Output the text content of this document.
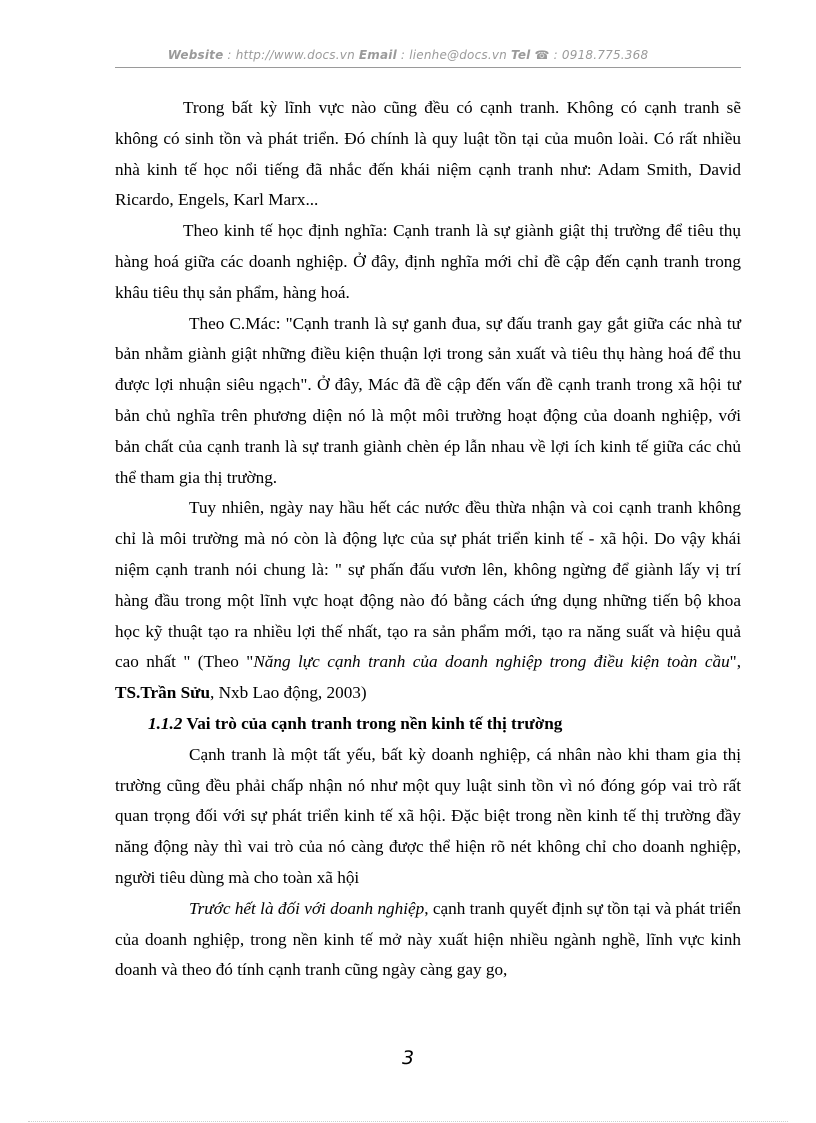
Website : http://www.docs.vn Email : lienhe@docs.vn Tel ☎ : 0918.775.368

Trong bất kỳ lĩnh vực nào cũng đều có cạnh tranh. Không có cạnh tranh sẽ không có sinh tồn và phát triển. Đó chính là quy luật tồn tại của muôn loài. Có rất nhiều nhà kinh tế học nổi tiếng đã nhắc đến khái niệm cạnh tranh như: Adam Smith, David Ricardo, Engels, Karl Marx...

Theo kinh tế học định nghĩa: Cạnh tranh là sự giành giật thị trường để tiêu thụ hàng hoá giữa các doanh nghiệp. Ở đây, định nghĩa mới chỉ đề cập đến cạnh tranh trong khâu tiêu thụ sản phẩm, hàng hoá.

Theo C.Mác: "Cạnh tranh là sự ganh đua, sự đấu tranh gay gắt giữa các nhà tư bản nhằm giành giật những điều kiện thuận lợi trong sản xuất và tiêu thụ hàng hoá để thu được lợi nhuận siêu ngạch". Ở đây, Mác đã đề cập đến vấn đề cạnh tranh trong xã hội tư bản chủ nghĩa trên phương diện nó là một môi trường hoạt động của doanh nghiệp, với bản chất của cạnh tranh là sự tranh giành chèn ép lẫn nhau về lợi ích kinh tế giữa các chủ thể tham gia thị trường.

Tuy nhiên, ngày nay hầu hết các nước đều thừa nhận và coi cạnh tranh không chỉ là môi trường mà nó còn là động lực của sự phát triển kinh tế - xã hội. Do vậy khái niệm cạnh tranh nói chung là: " sự phấn đấu vươn lên, không ngừng để giành lấy vị trí hàng đầu trong một lĩnh vực hoạt động nào đó bằng cách ứng dụng những tiến bộ khoa học kỹ thuật tạo ra nhiều lợi thế nhất, tạo ra sản phẩm mới, tạo ra năng suất và hiệu quả cao nhất " (Theo "Năng lực cạnh tranh của doanh nghiệp trong điều kiện toàn cầu", TS.Trần Sửu, Nxb Lao động, 2003)

1.1.2 Vai trò của cạnh tranh trong nền kinh tế thị trường

Cạnh tranh là một tất yếu, bất kỳ doanh nghiệp, cá nhân nào khi tham gia thị trường cũng đều phải chấp nhận nó như một quy luật sinh tồn vì nó đóng góp vai trò rất quan trọng đối với sự phát triển kinh tế xã hội. Đặc biệt trong nền kinh tế thị trường đầy năng động này thì vai trò của nó càng được thể hiện rõ nét không chỉ cho doanh nghiệp, người tiêu dùng mà cho toàn xã hội

Trước hết là đối với doanh nghiệp, cạnh tranh quyết định sự tồn tại và phát triển của doanh nghiệp, trong nền kinh tế mở này xuất hiện nhiều ngành nghề, lĩnh vực kinh doanh và theo đó tính cạnh tranh cũng ngày càng gay go,

3
